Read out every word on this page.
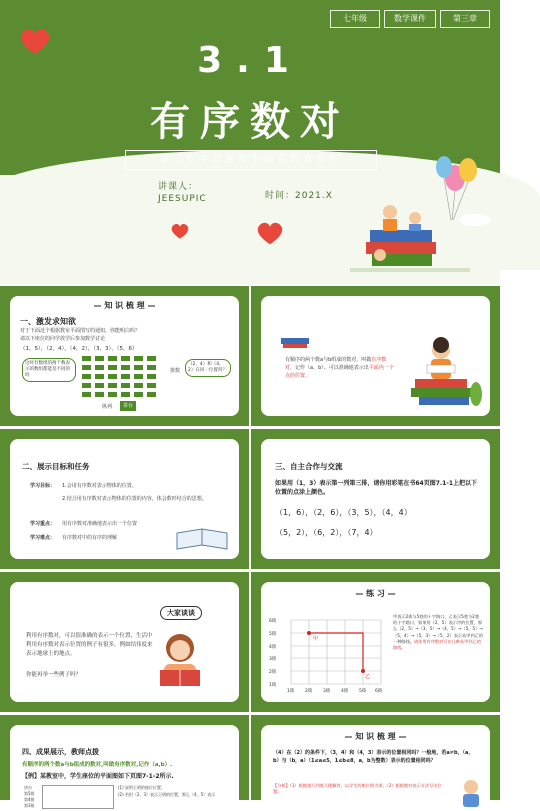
七年级	数学课件	第三章
3.1
有序数对
第三章平面直角坐标系教育课件
讲课人：JEESUPIC	时间：2021.X
— 知 识 梳 理 —
一、激发求知欲
对于下面这个根据教室平面图写的通知，你能明白吗？
请以下座位的同学放学后参加数学讨论
（1，5），（2，4），（4，2），（3，3），（5，6）
这时有数组的两个数表示的数组都能是不同的吗
（2，4）和（4，2）在同一位置吗？
排数
纵列	讲台
有顺序的两个数a与b组成的数对，叫做有序数对，记作（a，b）。可以准确地表示出平面内一个点的位置。
二、展示目标和任务
学习目标： 1.会用有序数对表示物体的位置。
2.结合用有序数对表示物体的位置的内容，体会数形结合的思想。
学习重点： 用有序数对准确地表示出一个位置
学习难点： 有序数对中的有序的理解
三、自主合作与交流
如果用（1，3）表示第一列第三排，请你用彩笔在书64页图7.1-1上把以下位置的点涂上颜色。
（1，6），（2，6），（3，5），（4，4）
（5，2），（6，2），（7，4）
利用有序数对，可以很准确的表示一个位置，生活中利用有序数对表示位置的例子有很多，例如结伟度来表示地球上的地点。
你能再举一些例子吗？
大家谈谈
— 练 习 —
6街
5街
4街
3街
2街
1街
1街 2街 3街 4街 5街 6街
甲
乙
甲表示2街与5巷的十字路口，乙表示5巷与2巷的十字路口，如果用（2，5）表示甲的位置，那么（2，5）→（3，5）→（4，5）→（5，5）→（5，4）→（5，3）→（5，2）表示从甲到乙的一种路线。请你用有序数对写出几种从甲到乙的路线。
四、成果展示，教师点拨
有顺序的两个数a与b组成的数对,叫做有序数对,记作（a,b）.
【例】某教室中，学生座位的平面图如下页图7-1-2所示.
讲台
第5排
第4排
第3排
(1) 说明王明的座位位置；
(2) 若用（2，3）表示王明的位置，那么（4，5）表示
— 知 识 梳 理 —
（4）在（2）的条件下，（3，4）和（4，3）表示的位置相同吗？一般地，若a≠b，（a，b）与（b，a）（1≤a≤5，1≤b≤8，a，b为整数）表示的位置相同吗？
【分析】（1）根据第几列第几排解答，以学生的座位图为准；（2）根据数对表示方法写出位置。
